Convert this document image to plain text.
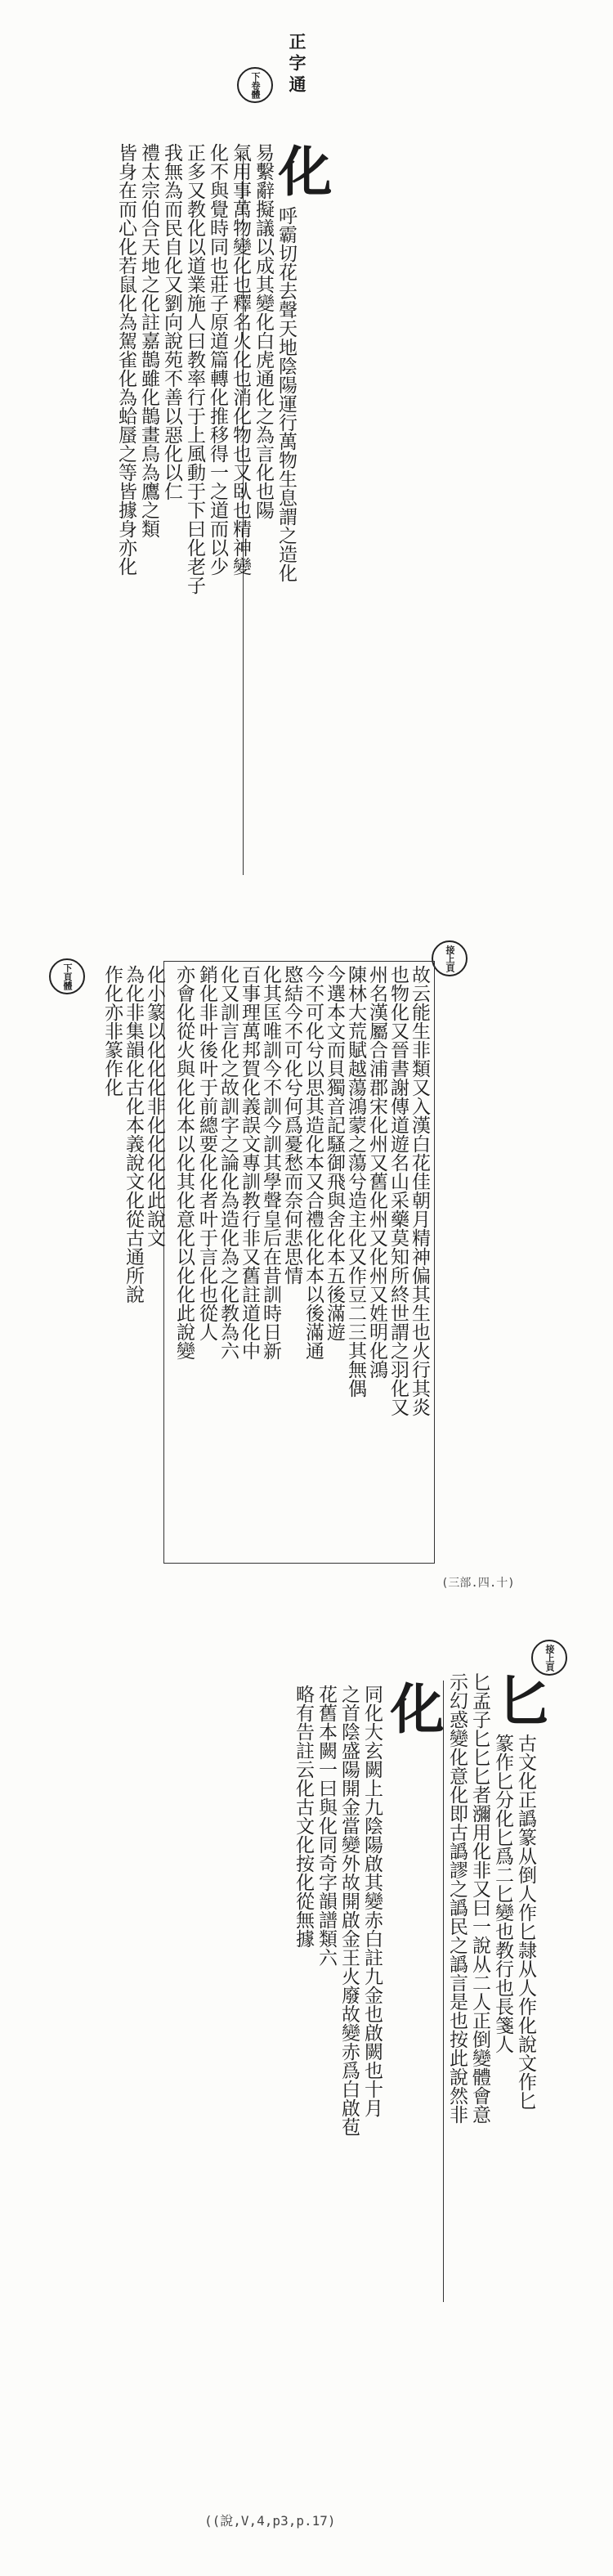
正字通
下卷體
化
呼霸切花去聲天地陰陽運行萬物生息謂之造化
易繫辭擬議以成其變化白虎通化之為言化也陽
氣用事萬物變化也釋名火化也消化物也又臥也精神變
化不與覺時同也莊子原道篇轉化推移得一之道而以少
正多又教化以道業施人曰教率行于上風動于下曰化老子
我無為而民自化又劉向說苑不善以惡化以仁
禮太宗伯合天地之化註嘉鵲雖化鵲畫鳥為鷹之類
皆身在而心化若鼠化為駕雀化為蛤蜃之等皆據身亦化
接上頁
下頁體	故云能生非類又入漢白花佳朝月精神偏其生也火行其炎
也物化又晉書謝傳道遊名山采藥莫知所終世謂之羽化又
州名漢屬合浦郡宋化州又舊化州又化州又姓明化鴻
陳林大荒賦越蕩鴻蒙之蕩兮造主化又作豆二三其無偶
今選本文而貝獨音記騷御飛與舍化本五後滿遊
今不可化兮以思其造化本又合禮化化本以後滿通
愍結今不可化兮何爲憂愁而奈何悲思情
化其匡唯訓今不訓今訓其學聲皇后在昔訓時日新
百事理萬邦賀化義誤文專訓教行非又舊註道化中
化又訓言化之故訓字之論化為造化為之化教為六
銷化非叶後叶于前總要化化者叶于言化也從人
亦會化從火與化化本以化其化意化以化化此說變
化小篆以化化化非化化化化此說文
為化非集韻化古化本義說文化從古通所說
作化亦非篆作化
(三部.四.十)
接上頁
匕
古文化正譌篆从倒人作匕隷从人作化說文作匕
篆作匕分化匕爲二匕變也教行也長箋人
匕孟子匕匕匕者瀰用化非又曰一說从二人正倒變體會意
示幻惑變化意化即古譌謬之譌民之譌言是也按此說然非
化
同化大玄闕上九陰陽啟其變赤白註九金也啟闕也十月
之首陰盛陽開金當變外故開啟金王火廢故變赤爲白啟苞
花舊本闕一曰與化同奇字韻譜類六
略有告註云化古文化按化從無據
((說,V,4,p3,p.17)
